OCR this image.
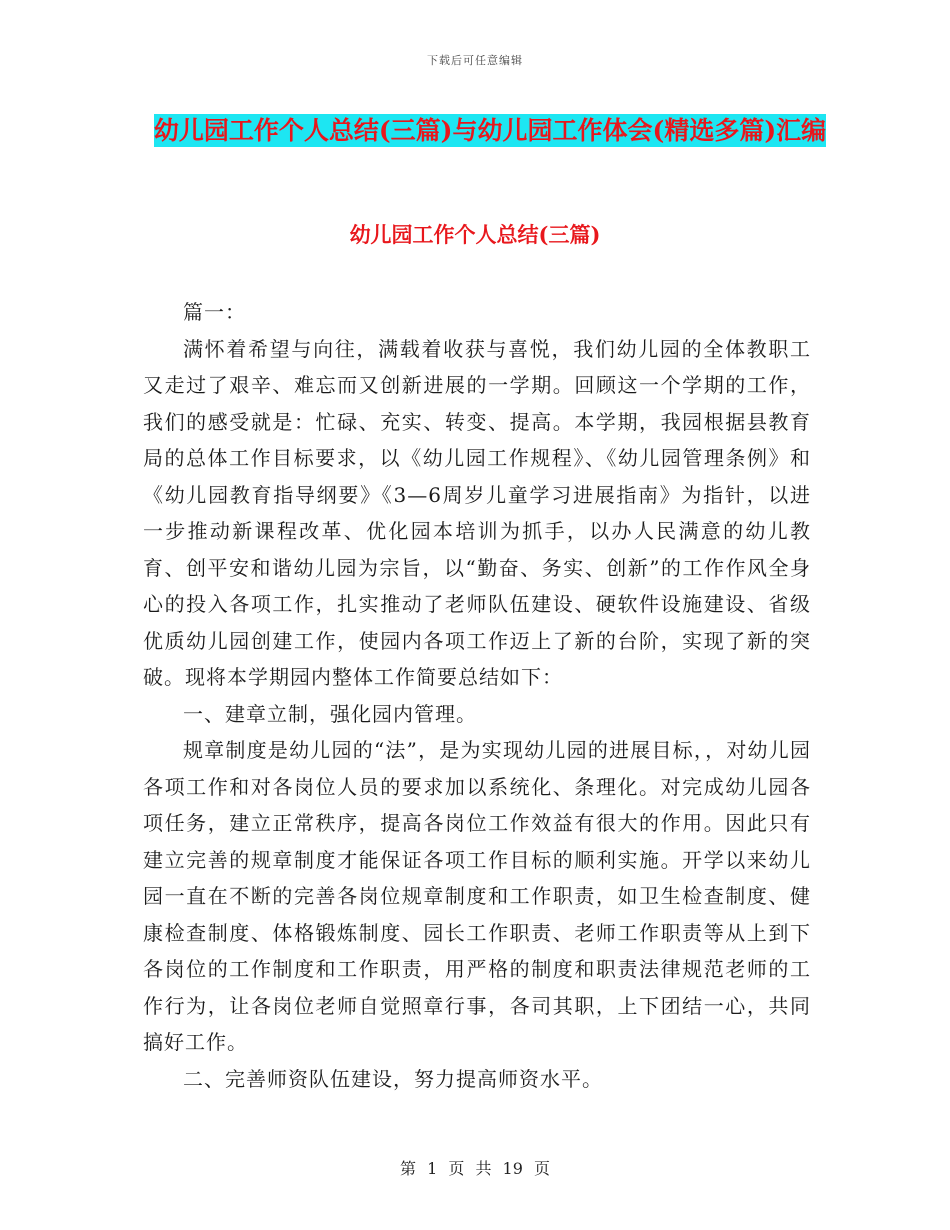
下载后可任意编辑
幼儿园工作个人总结(三篇)与幼儿园工作体会(精选多篇)汇编
幼儿园工作个人总结(三篇)

篇一：

满怀着希望与向往，满载着收获与喜悦，我们幼儿园的全体教职工又走过了艰辛、难忘而又创新进展的一学期。回顾这一个学期的工作，我们的感受就是：忙碌、充实、转变、提高。本学期，我园根据县教育局的总体工作目标要求，以《幼儿园工作规程》、《幼儿园管理条例》和《幼儿园教育指导纲要》《3—6周岁儿童学习进展指南》为指针，以进一步推动新课程改革、优化园本培训为抓手，以办人民满意的幼儿教育、创平安和谐幼儿园为宗旨，以“勤奋、务实、创新”的工作作风全身心的投入各项工作，扎实推动了老师队伍建设、硬软件设施建设、省级优质幼儿园创建工作，使园内各项工作迈上了新的台阶，实现了新的突破。现将本学期园内整体工作简要总结如下：

一、建章立制，强化园内管理。

规章制度是幼儿园的“法”，是为实现幼儿园的进展目标，，对幼儿园各项工作和对各岗位人员的要求加以系统化、条理化。对完成幼儿园各项任务，建立正常秩序，提高各岗位工作效益有很大的作用。因此只有建立完善的规章制度才能保证各项工作目标的顺利实施。开学以来幼儿园一直在不断的完善各岗位规章制度和工作职责，如卫生检查制度、健康检查制度、体格锻炼制度、园长工作职责、老师工作职责等从上到下各岗位的工作制度和工作职责，用严格的制度和职责法律规范老师的工作行为，让各岗位老师自觉照章行事，各司其职，上下团结一心，共同搞好工作。

二、完善师资队伍建设，努力提高师资水平。

第 1 页 共 19 页
